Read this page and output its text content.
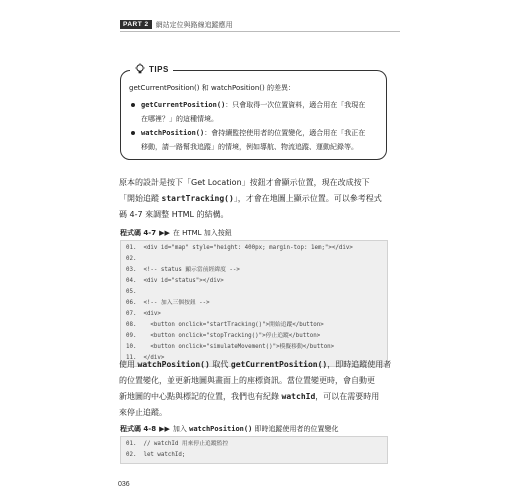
PART 2	網站定位與路線追蹤應用
TIPS
getCurrentPosition() 和 watchPosition() 的差異：
getCurrentPosition()：只會取得一次位置資料，適合用在「我現在
在哪裡？」的這種情境。
watchPosition()：會持續監控使用者的位置變化，適合用在「我正在
移動，請一路幫我追蹤」的情境，例如導航、物流追蹤、運動紀錄等。
原本的設計是按下「Get Location」按鈕才會顯示位置，現在改成按下
「開始追蹤 startTracking()」，才會在地圖上顯示位置。可以參考程式
碼 4-7 來調整 HTML 的結構。
程式碼 4-7 ▶▶ 在 HTML 加入按鈕
01.  <div id="map" style="height: 400px; margin-top: 1em;"></div>
02.
03.  <!-- status 顯示當前經緯度 -->
04.  <div id="status"></div>
05.
06.  <!-- 加入三個按鈕 -->
07.  <div>
08.    <button onclick="startTracking()">開始追蹤</button>
09.    <button onclick="stopTracking()">停止追蹤</button>
10.    <button onclick="simulateMovement()">模擬移動</button>
11.  </div>
使用 watchPosition() 取代 getCurrentPosition()，即時追蹤使用者
的位置變化，並更新地圖與畫面上的座標資訊。當位置變更時，會自動更
新地圖的中心點與標記的位置，我們也有紀錄 watchId，可以在需要時用
來停止追蹤。
程式碼 4-8 ▶▶ 加入 watchPosition() 即時追蹤使用者的位置變化
01.  // watchId 用來停止追蹤監控
02.  let watchId;
036
